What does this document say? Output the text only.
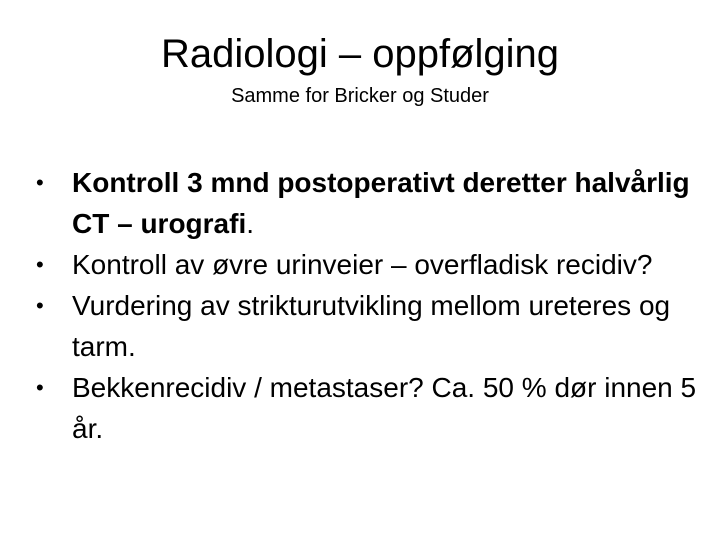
Radiologi – oppfølging

Samme for Bricker og Studer

• Kontroll 3 mnd postoperativt deretter halvårlig CT – urografi.
• Kontroll av øvre urinveier – overfladisk recidiv?
• Vurdering av strikturutvikling mellom ureteres og tarm.
• Bekkenrecidiv / metastaser? Ca. 50 % dør innen 5 år.
